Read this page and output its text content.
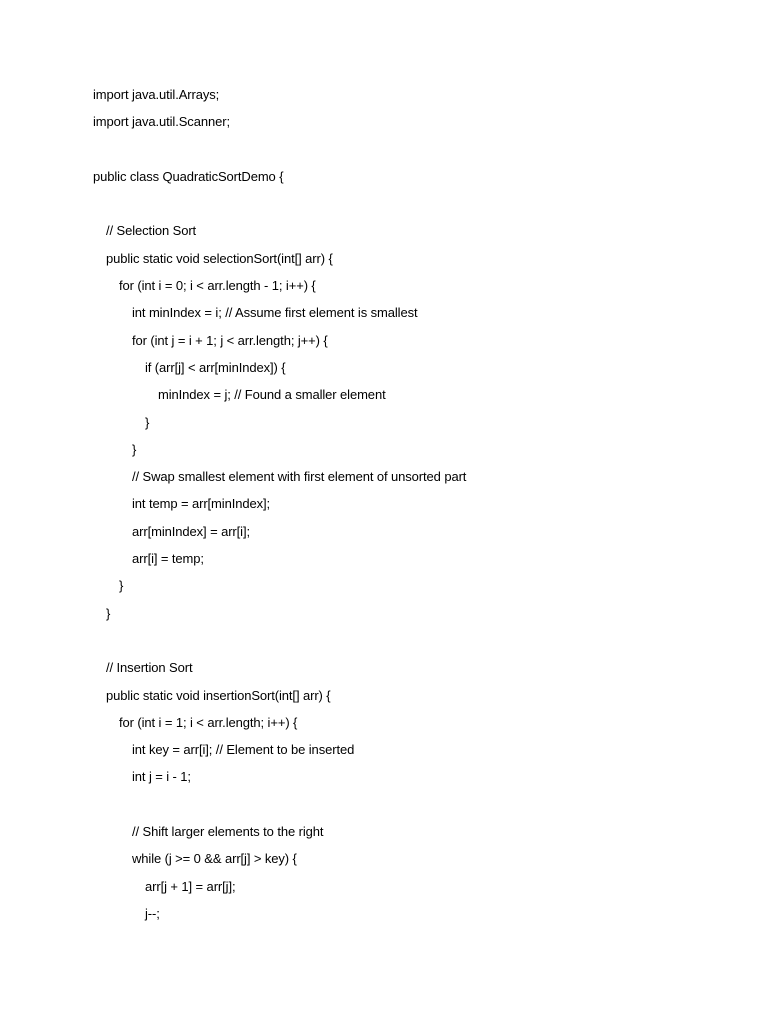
import java.util.Arrays;
import java.util.Scanner;
public class QuadraticSortDemo {
// Selection Sort
public static void selectionSort(int[] arr) {
for (int i = 0; i < arr.length - 1; i++) {
int minIndex = i; // Assume first element is smallest
for (int j = i + 1; j < arr.length; j++) {
if (arr[j] < arr[minIndex]) {
minIndex = j; // Found a smaller element
}
}
// Swap smallest element with first element of unsorted part
int temp = arr[minIndex];
arr[minIndex] = arr[i];
arr[i] = temp;
}
}
// Insertion Sort
public static void insertionSort(int[] arr) {
for (int i = 1; i < arr.length; i++) {
int key = arr[i]; // Element to be inserted
int j = i - 1;
// Shift larger elements to the right
while (j >= 0 && arr[j] > key) {
arr[j + 1] = arr[j];
j--;
